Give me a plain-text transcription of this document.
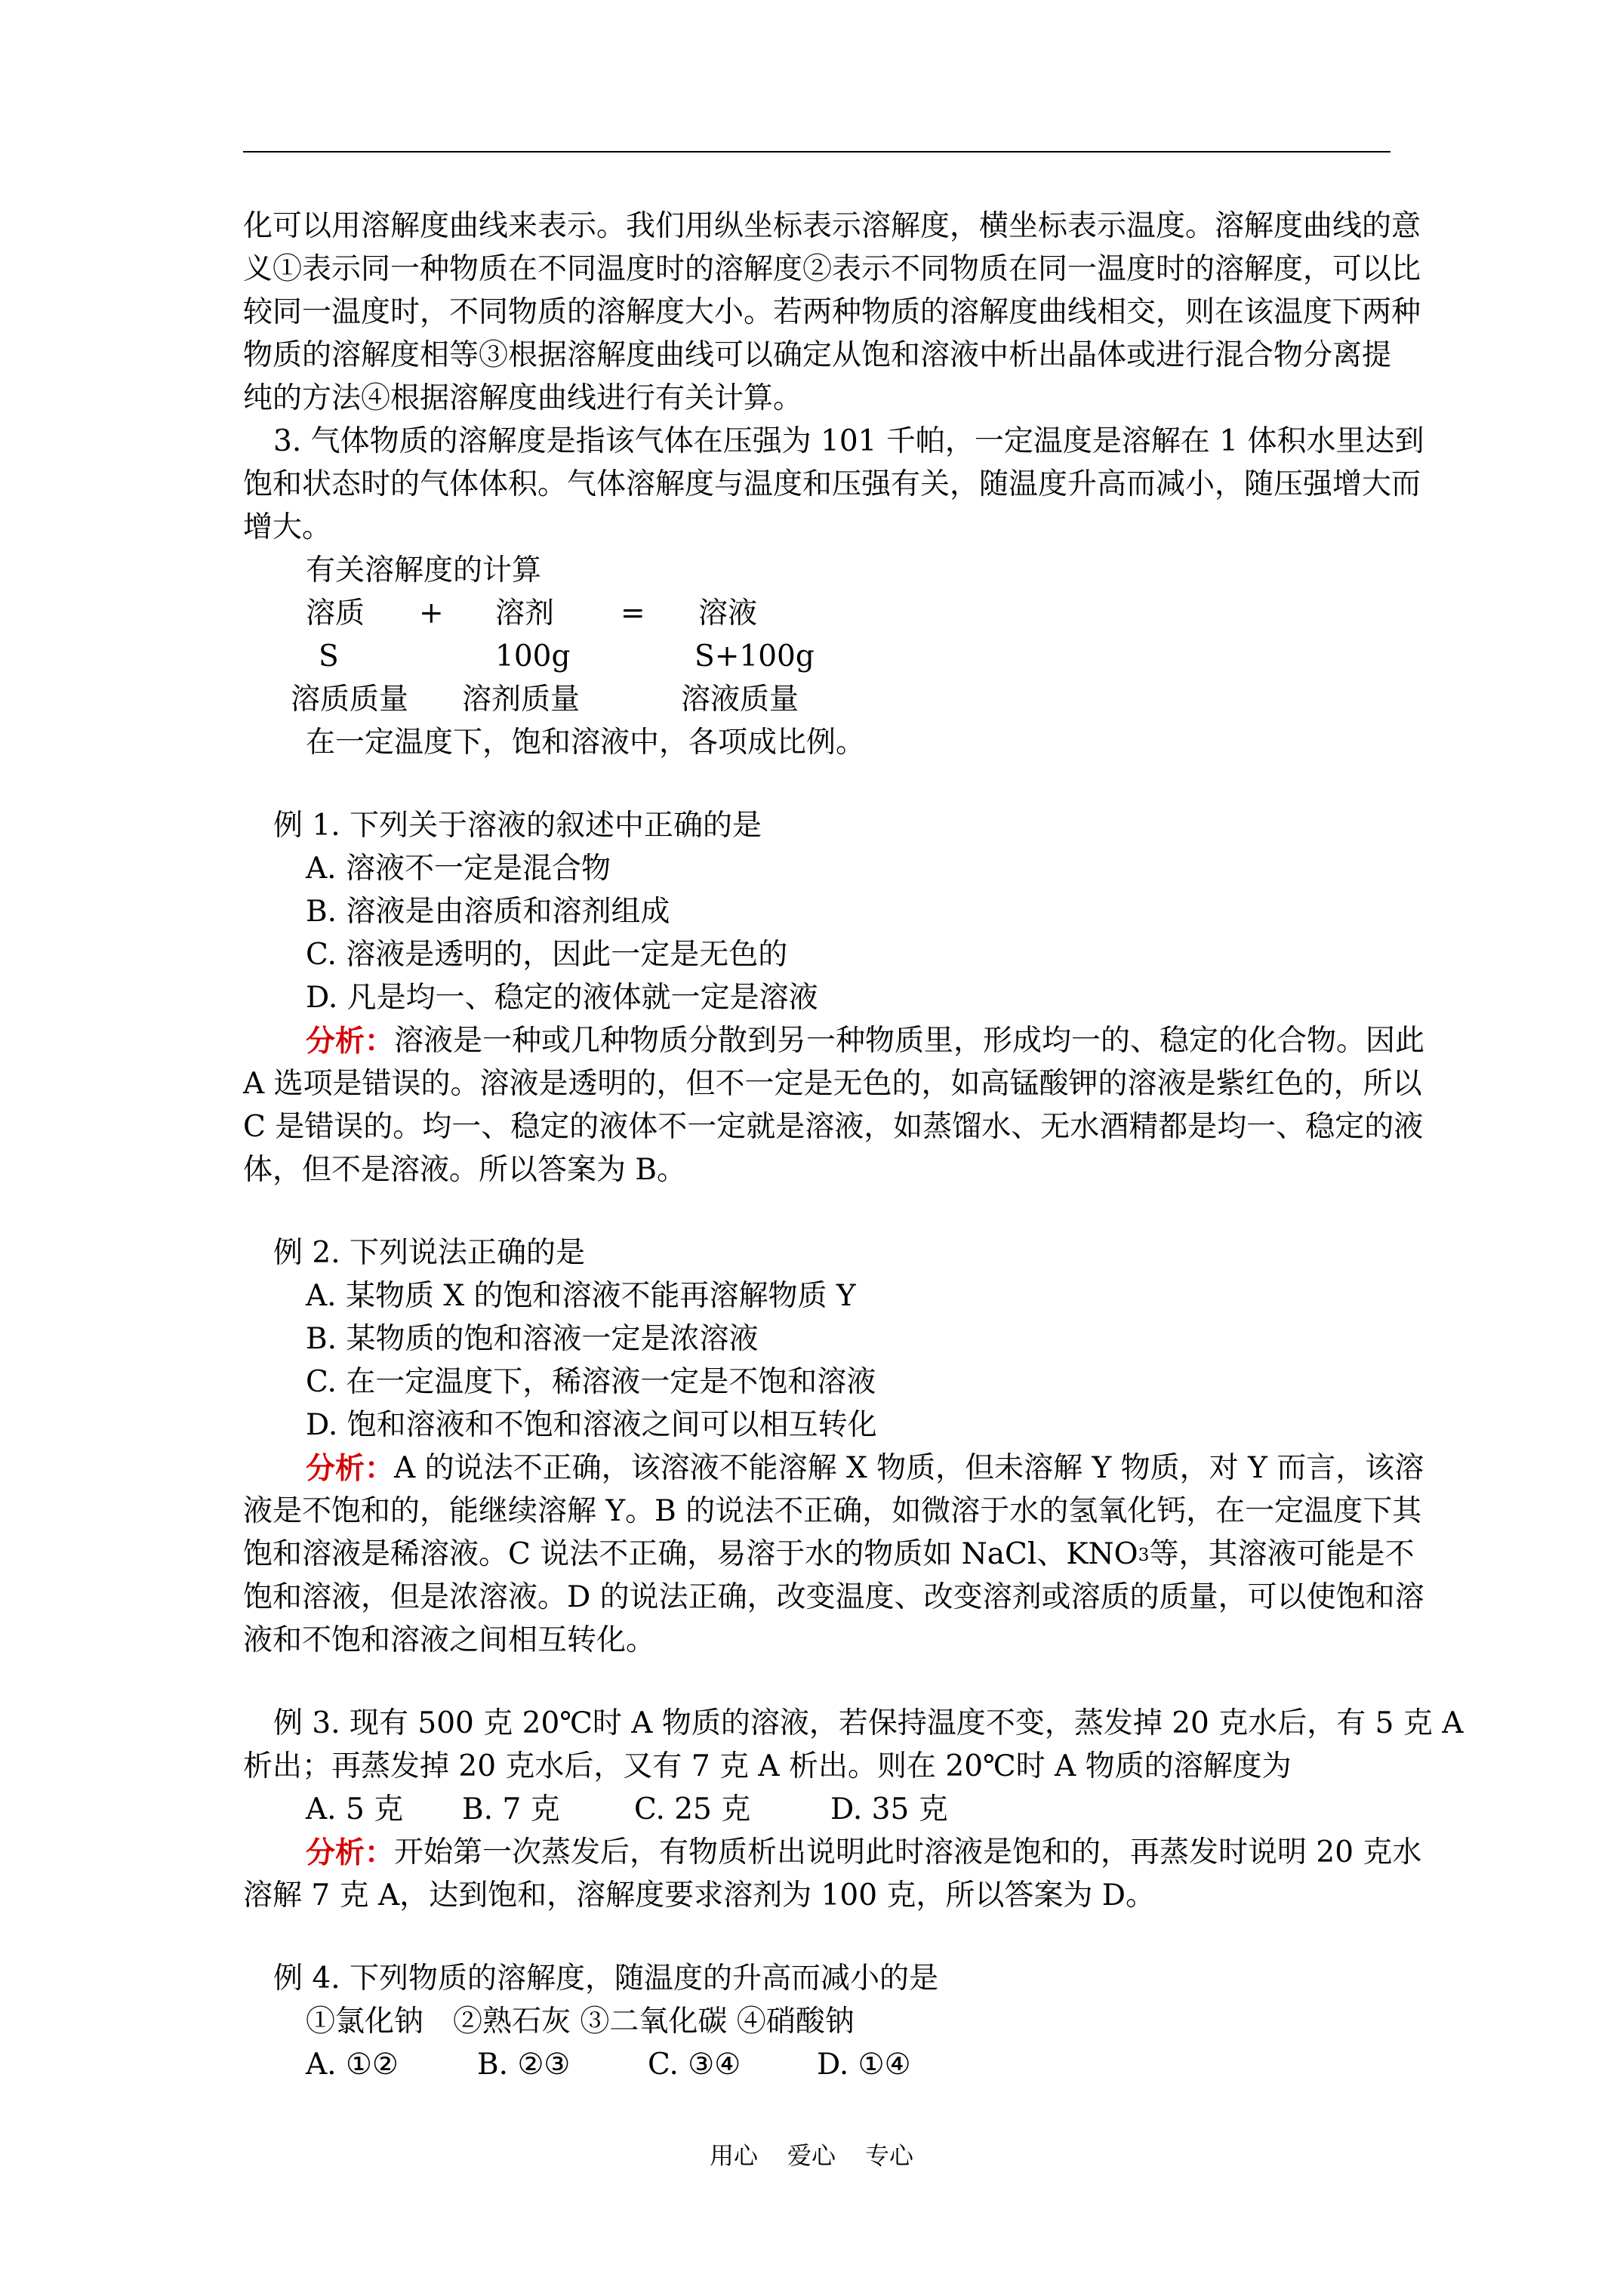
化可以用溶解度曲线来表示。我们用纵坐标表示溶解度，横坐标表示温度。溶解度曲线的意
义①表示同一种物质在不同温度时的溶解度②表示不同物质在同一温度时的溶解度，可以比
较同一温度时，不同物质的溶解度大小。若两种物质的溶解度曲线相交，则在该温度下两种
物质的溶解度相等③根据溶解度曲线可以确定从饱和溶液中析出晶体或进行混合物分离提
纯的方法④根据溶解度曲线进行有关计算。
3. 气体物质的溶解度是指该气体在压强为 101 千帕，一定温度是溶解在 1 体积水里达到
饱和状态时的气体体积。气体溶解度与温度和压强有关，随温度升高而减小，随压强增大而
增大。
有关溶解度的计算
溶质 + 溶剂 = 溶液
S	100g	S+100g
溶质质量 溶剂质量	溶液质量
在一定温度下，饱和溶液中，各项成比例。
例 1. 下列关于溶液的叙述中正确的是
A. 溶液不一定是混合物
B. 溶液是由溶质和溶剂组成
C. 溶液是透明的，因此一定是无色的
D. 凡是均一、稳定的液体就一定是溶液
分析： 溶液是一种或几种物质分散到另一种物质里，形成均一的、稳定的化合物。因此
A 选项是错误的。溶液是透明的，但不一定是无色的，如高锰酸钾的溶液是紫红色的，所以
C 是错误的。均一、稳定的液体不一定就是溶液，如蒸馏水、无水酒精都是均一、稳定的液
体，但不是溶液。所以答案为 B。
例 2. 下列说法正确的是
A. 某物质 X 的饱和溶液不能再溶解物质 Y
B. 某物质的饱和溶液一定是浓溶液
C. 在一定温度下，稀溶液一定是不饱和溶液
D. 饱和溶液和不饱和溶液之间可以相互转化
分析： A 的说法不正确，该溶液不能溶解 X 物质，但未溶解 Y 物质，对 Y 而言，该溶
液是不饱和的，能继续溶解 Y。B 的说法不正确，如微溶于水的氢氧化钙，在一定温度下其
饱和溶液是稀溶液。C 说法不正确，易溶于水的物质如 NaCl、KNO 3 等，其溶液可能是不
饱和溶液，但是浓溶液。D 的说法正确，改变温度、改变溶剂或溶质的质量，可以使饱和溶
液和不饱和溶液之间相互转化。
例 3. 现有 500 克 20℃时 A 物质的溶液，若保持温度不变，蒸发掉 20 克水后，有 5 克 A
析出；再蒸发掉 20 克水后，又有 7 克 A 析出。则在 20℃时 A 物质的溶解度为
A. 5 克 B. 7 克	C. 25 克	D. 35 克
分析： 开始第一次蒸发后，有物质析出说明此时溶液是饱和的，再蒸发时说明 20 克水
溶解 7 克 A，达到饱和，溶解度要求溶剂为 100 克，所以答案为 D。
例 4. 下列物质的溶解度，随温度的升高而减小的是
①氯化钠　②熟石灰 ③二氧化碳 ④硝酸钠
A. ①②	B. ②③	C. ③④	D. ①④
用心 爱心 专心
